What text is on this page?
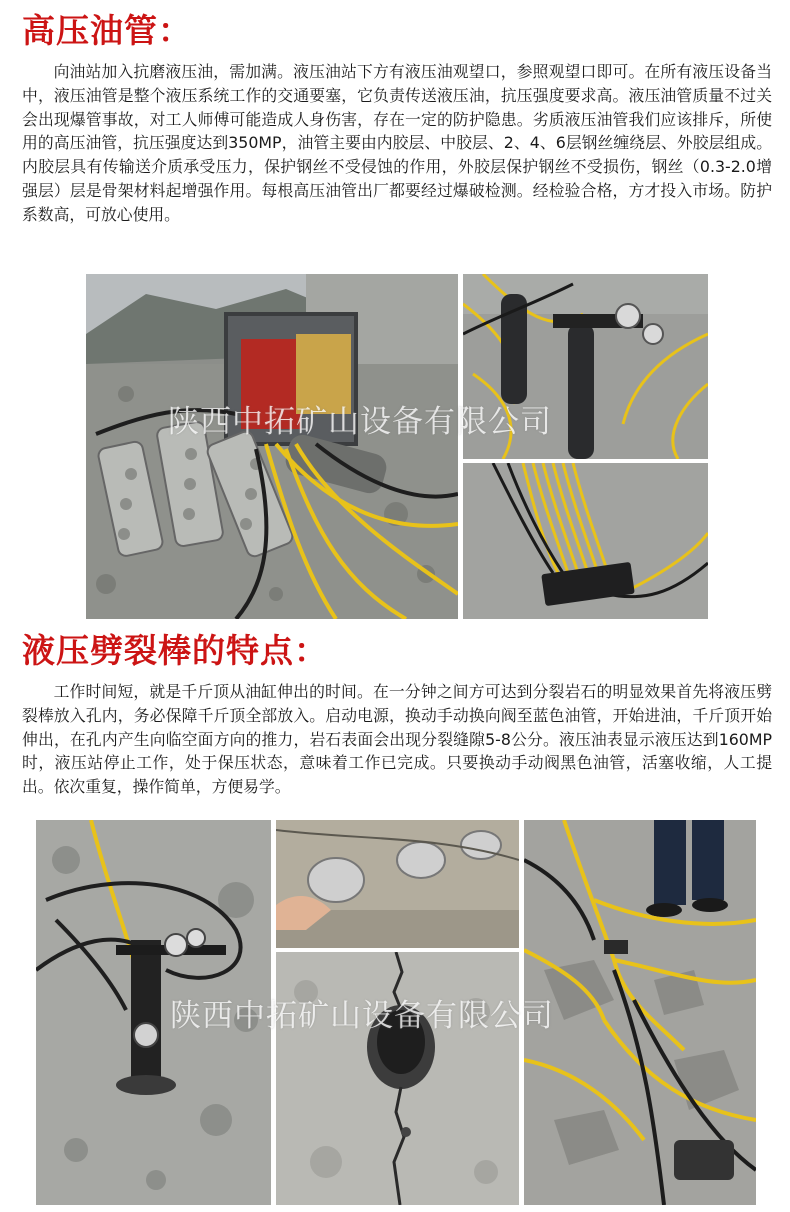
高压油管：

向油站加入抗磨液压油，需加满。液压油站下方有液压油观望口，参照观望口即可。在所有液压设备当中，液压油管是整个液压系统工作的交通要塞，它负责传送液压油，抗压强度要求高。液压油管质量不过关会出现爆管事故，对工人师傅可能造成人身伤害，存在一定的防护隐患。劣质液压油管我们应该排斥，所使用的高压油管，抗压强度达到350MP，油管主要由内胶层、中胶层、2、4、6层钢丝缠绕层、外胶层组成。内胶层具有传输送介质承受压力，保护钢丝不受侵蚀的作用，外胶层保护钢丝不受损伤，钢丝（0.3-2.0增强层）层是骨架材料起增强作用。每根高压油管出厂都要经过爆破检测。经检验合格，方才投入市场。防护系数高，可放心使用。

陕西中拓矿山设备有限公司
液压劈裂棒的特点：

工作时间短，就是千斤顶从油缸伸出的时间。在一分钟之间方可达到分裂岩石的明显效果首先将液压劈裂棒放入孔内，务必保障千斤顶全部放入。启动电源，换动手动换向阀至蓝色油管，开始进油，千斤顶开始伸出，在孔内产生向临空面方向的推力，岩石表面会出现分裂缝隙5-8公分。液压油表显示液压达到160MP时，液压站停止工作，处于保压状态，意味着工作已完成。只要换动手动阀黑色油管，活塞收缩，人工提出。依次重复，操作简单，方便易学。

陕西中拓矿山设备有限公司
